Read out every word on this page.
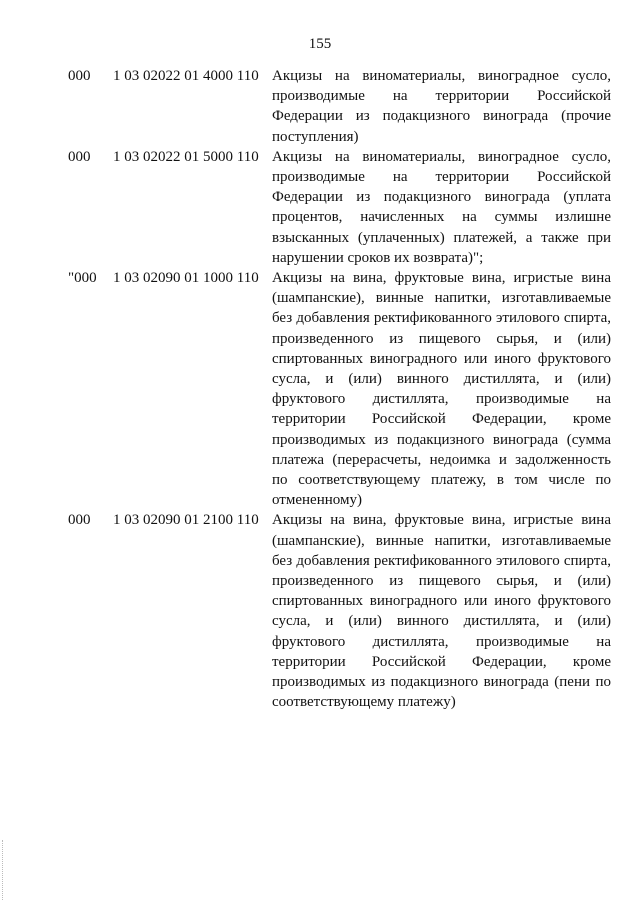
155
000 1 03 02022 01 4000 110 Акцизы на виноматериалы, виноградное сусло, производимые на территории Российской Федерации из подакцизного винограда (прочие поступления)
000 1 03 02022 01 5000 110 Акцизы на виноматериалы, виноградное сусло, производимые на территории Российской Федерации из подакцизного винограда (уплата процентов, начисленных на суммы излишне взысканных (уплаченных) платежей, а также при нарушении сроков их возврата)";
"000 1 03 02090 01 1000 110 Акцизы на вина, фруктовые вина, игристые вина (шампанские), винные напитки, изготавливаемые без добавления ректификованного этилового спирта, произведенного из пищевого сырья, и (или) спиртованных виноградного или иного фруктового сусла, и (или) винного дистиллята, и (или) фруктового дистиллята, производимые на территории Российской Федерации, кроме производимых из подакцизного винограда (сумма платежа (перерасчеты, недоимка и задолженность по соответствующему платежу, в том числе по отмененному)
000 1 03 02090 01 2100 110 Акцизы на вина, фруктовые вина, игристые вина (шампанские), винные напитки, изготавливаемые без добавления ректификованного этилового спирта, произведенного из пищевого сырья, и (или) спиртованных виноградного или иного фруктового сусла, и (или) винного дистиллята, и (или) фруктового дистиллята, производимые на территории Российской Федерации, кроме производимых из подакцизного винограда (пени по соответствующему платежу)
